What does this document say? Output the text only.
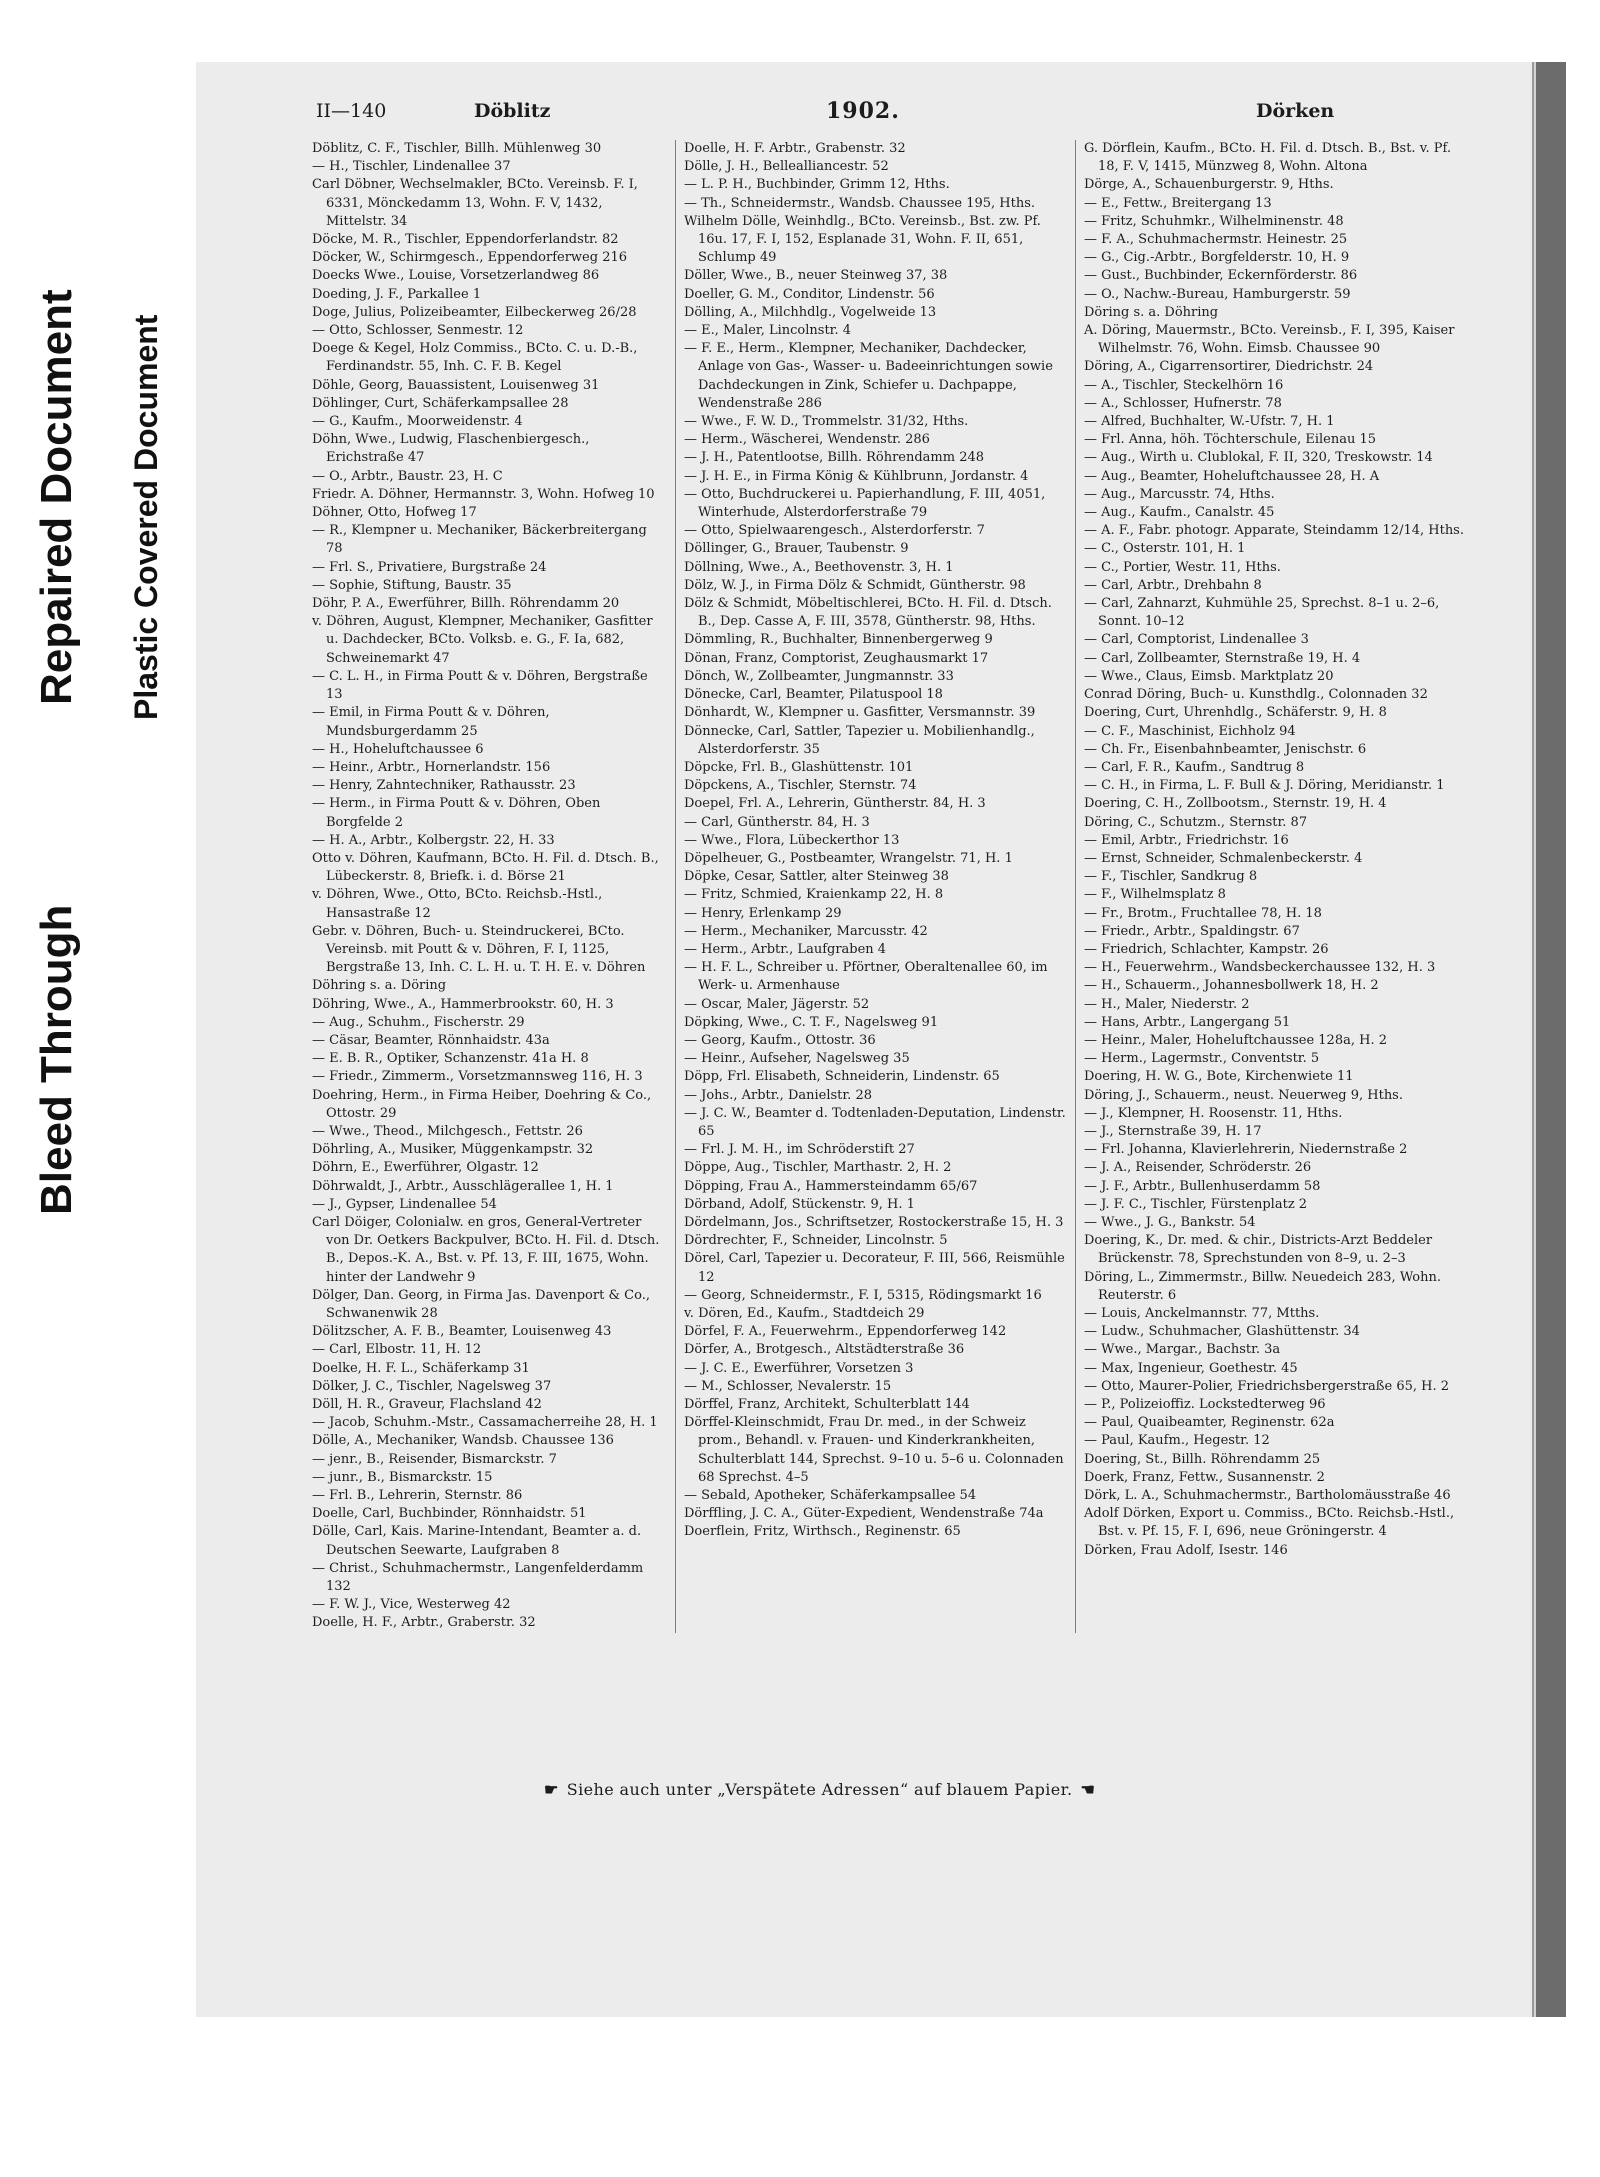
Bleed Through
Repaired Document Plastic Covered Document
II—140	Döblitz	1902.	Dörken

Döblitz, C. F., Tischler, Billh. Mühlenweg 30

— H., Tischler, Lindenallee 37

Carl Döbner, Wechselmakler, BCto. Vereinsb. F. I, 6331, Mönckedamm 13, Wohn. F. V, 1432, Mittelstr. 34

Döcke, M. R., Tischler, Eppendorferlandstr. 82

Döcker, W., Schirmgesch., Eppendorferweg 216

Doecks Wwe., Louise, Vorsetzerlandweg 86

Doeding, J. F., Parkallee 1

Doge, Julius, Polizeibeamter, Eilbeckerweg 26/28

— Otto, Schlosser, Senmestr. 12

Doege & Kegel, Holz Commiss., BCto. C. u. D.-B., Ferdinandstr. 55, Inh. C. F. B. Kegel

Döhle, Georg, Bauassistent, Louisenweg 31

Döhlinger, Curt, Schäferkampsallee 28

— G., Kaufm., Moorweidenstr. 4

Döhn, Wwe., Ludwig, Flaschenbiergesch., Erichstraße 47

— O., Arbtr., Baustr. 23, H. C

Friedr. A. Döhner, Hermannstr. 3, Wohn. Hofweg 10

Döhner, Otto, Hofweg 17

— R., Klempner u. Mechaniker, Bäckerbreitergang 78

— Frl. S., Privatiere, Burgstraße 24

— Sophie, Stiftung, Baustr. 35

Döhr, P. A., Ewerführer, Billh. Röhrendamm 20

v. Döhren, August, Klempner, Mechaniker, Gasfitter u. Dachdecker, BCto. Volksb. e. G., F. Ia, 682, Schweinemarkt 47

— C. L. H., in Firma Poutt & v. Döhren, Bergstraße 13

— Emil, in Firma Poutt & v. Döhren, Mundsburgerdamm 25

— H., Hoheluftchaussee 6

— Heinr., Arbtr., Hornerlandstr. 156

— Henry, Zahntechniker, Rathausstr. 23

— Herm., in Firma Poutt & v. Döhren, Oben Borgfelde 2

— H. A., Arbtr., Kolbergstr. 22, H. 33

Otto v. Döhren, Kaufmann, BCto. H. Fil. d. Dtsch. B., Lübeckerstr. 8, Briefk. i. d. Börse 21

v. Döhren, Wwe., Otto, BCto. Reichsb.-Hstl., Hansastraße 12

Gebr. v. Döhren, Buch- u. Steindruckerei, BCto. Vereinsb. mit Poutt & v. Döhren, F. I, 1125, Bergstraße 13, Inh. C. L. H. u. T. H. E. v. Döhren

Döhring s. a. Döring

Döhring, Wwe., A., Hammerbrookstr. 60, H. 3

— Aug., Schuhm., Fischerstr. 29

— Cäsar, Beamter, Rönnhaidstr. 43a

— E. B. R., Optiker, Schanzenstr. 41a H. 8

— Friedr., Zimmerm., Vorsetzmannsweg 116, H. 3

Doehring, Herm., in Firma Heiber, Doehring & Co., Ottostr. 29

— Wwe., Theod., Milchgesch., Fettstr. 26

Döhrling, A., Musiker, Müggenkampstr. 32

Döhrn, E., Ewerführer, Olgastr. 12

Döhrwaldt, J., Arbtr., Ausschlägerallee 1, H. 1

— J., Gypser, Lindenallee 54

Carl Döiger, Colonialw. en gros, General-Vertreter von Dr. Oetkers Backpulver, BCto. H. Fil. d. Dtsch. B., Depos.-K. A., Bst. v. Pf. 13, F. III, 1675, Wohn. hinter der Landwehr 9

Dölger, Dan. Georg, in Firma Jas. Davenport & Co., Schwanenwik 28

Dölitzscher, A. F. B., Beamter, Louisenweg 43

— Carl, Elbostr. 11, H. 12

Doelke, H. F. L., Schäferkamp 31

Dölker, J. C., Tischler, Nagelsweg 37

Döll, H. R., Graveur, Flachsland 42

— Jacob, Schuhm.-Mstr., Cassamacherreihe 28, H. 1

Dölle, A., Mechaniker, Wandsb. Chaussee 136

— jenr., B., Reisender, Bismarckstr. 7

— junr., B., Bismarckstr. 15

— Frl. B., Lehrerin, Sternstr. 86

Doelle, Carl, Buchbinder, Rönnhaidstr. 51

Dölle, Carl, Kais. Marine-Intendant, Beamter a. d. Deutschen Seewarte, Laufgraben 8

— Christ., Schuhmachermstr., Langenfelderdamm 132

— F. W. J., Vice, Westerweg 42

Doelle, H. F., Arbtr., Graberstr. 32

Doelle, H. F. Arbtr., Grabenstr. 32

Dölle, J. H., Bellealliancestr. 52

— L. P. H., Buchbinder, Grimm 12, Hths.

— Th., Schneidermstr., Wandsb. Chaussee 195, Hths.

Wilhelm Dölle, Weinhdlg., BCto. Vereinsb., Bst. zw. Pf. 16u. 17, F. I, 152, Esplanade 31, Wohn. F. II, 651, Schlump 49

Döller, Wwe., B., neuer Steinweg 37, 38

Doeller, G. M., Conditor, Lindenstr. 56

Dölling, A., Milchhdlg., Vogelweide 13

— E., Maler, Lincolnstr. 4

— F. E., Herm., Klempner, Mechaniker, Dachdecker, Anlage von Gas-, Wasser- u. Badeeinrichtungen sowie Dachdeckungen in Zink, Schiefer u. Dachpappe, Wendenstraße 286

— Wwe., F. W. D., Trommelstr. 31/32, Hths.

— Herm., Wäscherei, Wendenstr. 286

— J. H., Patentlootse, Billh. Röhrendamm 248

— J. H. E., in Firma König & Kühlbrunn, Jordanstr. 4

— Otto, Buchdruckerei u. Papierhandlung, F. III, 4051, Winterhude, Alsterdorferstraße 79

— Otto, Spielwaarengesch., Alsterdorferstr. 7

Döllinger, G., Brauer, Taubenstr. 9

Döllning, Wwe., A., Beethovenstr. 3, H. 1

Dölz, W. J., in Firma Dölz & Schmidt, Güntherstr. 98

Dölz & Schmidt, Möbeltischlerei, BCto. H. Fil. d. Dtsch. B., Dep. Casse A, F. III, 3578, Güntherstr. 98, Hths.

Dömmling, R., Buchhalter, Binnenbergerweg 9

Dönan, Franz, Comptorist, Zeughausmarkt 17

Dönch, W., Zollbeamter, Jungmannstr. 33

Dönecke, Carl, Beamter, Pilatuspool 18

Dönhardt, W., Klempner u. Gasfitter, Versmannstr. 39

Dönnecke, Carl, Sattler, Tapezier u. Mobilienhandlg., Alsterdorferstr. 35

Döpcke, Frl. B., Glashüttenstr. 101

Döpckens, A., Tischler, Sternstr. 74

Doepel, Frl. A., Lehrerin, Güntherstr. 84, H. 3

— Carl, Güntherstr. 84, H. 3

— Wwe., Flora, Lübeckerthor 13

Döpelheuer, G., Postbeamter, Wrangelstr. 71, H. 1

Döpke, Cesar, Sattler, alter Steinweg 38

— Fritz, Schmied, Kraienkamp 22, H. 8

— Henry, Erlenkamp 29

— Herm., Mechaniker, Marcusstr. 42

— Herm., Arbtr., Laufgraben 4

— H. F. L., Schreiber u. Pförtner, Oberaltenallee 60, im Werk- u. Armenhause

— Oscar, Maler, Jägerstr. 52

Döpking, Wwe., C. T. F., Nagelsweg 91

— Georg, Kaufm., Ottostr. 36

— Heinr., Aufseher, Nagelsweg 35

Döpp, Frl. Elisabeth, Schneiderin, Lindenstr. 65

— Johs., Arbtr., Danielstr. 28

— J. C. W., Beamter d. Todtenladen-Deputation, Lindenstr. 65

— Frl. J. M. H., im Schröderstift 27

Döppe, Aug., Tischler, Marthastr. 2, H. 2

Döpping, Frau A., Hammersteindamm 65/67

Dörband, Adolf, Stückenstr. 9, H. 1

Dördelmann, Jos., Schriftsetzer, Rostockerstraße 15, H. 3

Dördrechter, F., Schneider, Lincolnstr. 5

Dörel, Carl, Tapezier u. Decorateur, F. III, 566, Reismühle 12

— Georg, Schneidermstr., F. I, 5315, Rödingsmarkt 16

v. Dören, Ed., Kaufm., Stadtdeich 29

Dörfel, F. A., Feuerwehrm., Eppendorferweg 142

Dörfer, A., Brotgesch., Altstädterstraße 36

— J. C. E., Ewerführer, Vorsetzen 3

— M., Schlosser, Nevalerstr. 15

Dörffel, Franz, Architekt, Schulterblatt 144

Dörffel-Kleinschmidt, Frau Dr. med., in der Schweiz prom., Behandl. v. Frauen- und Kinderkrankheiten, Schulterblatt 144, Sprechst. 9–10 u. 5–6 u. Colonnaden 68 Sprechst. 4–5

— Sebald, Apotheker, Schäferkampsallee 54

Dörffling, J. C. A., Güter-Expedient, Wendenstraße 74a

Doerflein, Fritz, Wirthsch., Reginenstr. 65

G. Dörflein, Kaufm., BCto. H. Fil. d. Dtsch. B., Bst. v. Pf. 18, F. V, 1415, Münzweg 8, Wohn. Altona

Dörge, A., Schauenburgerstr. 9, Hths.

— E., Fettw., Breitergang 13

— Fritz, Schuhmkr., Wilhelminenstr. 48

— F. A., Schuhmachermstr. Heinestr. 25

— G., Cig.-Arbtr., Borgfelderstr. 10, H. 9

— Gust., Buchbinder, Eckernförderstr. 86

— O., Nachw.-Bureau, Hamburgerstr. 59

Döring s. a. Döhring

A. Döring, Mauermstr., BCto. Vereinsb., F. I, 395, Kaiser Wilhelmstr. 76, Wohn. Eimsb. Chaussee 90

Döring, A., Cigarrensortirer, Diedrichstr. 24

— A., Tischler, Steckelhörn 16

— A., Schlosser, Hufnerstr. 78

— Alfred, Buchhalter, W.-Ufstr. 7, H. 1

— Frl. Anna, höh. Töchterschule, Eilenau 15

— Aug., Wirth u. Clublokal, F. II, 320, Treskowstr. 14

— Aug., Beamter, Hoheluftchaussee 28, H. A

— Aug., Marcusstr. 74, Hths.

— Aug., Kaufm., Canalstr. 45

— A. F., Fabr. photogr. Apparate, Steindamm 12/14, Hths.

— C., Osterstr. 101, H. 1

— C., Portier, Westr. 11, Hths.

— Carl, Arbtr., Drehbahn 8

— Carl, Zahnarzt, Kuhmühle 25, Sprechst. 8–1 u. 2–6, Sonnt. 10–12

— Carl, Comptorist, Lindenallee 3

— Carl, Zollbeamter, Sternstraße 19, H. 4

— Wwe., Claus, Eimsb. Marktplatz 20

Conrad Döring, Buch- u. Kunsthdlg., Colonnaden 32

Doering, Curt, Uhrenhdlg., Schäferstr. 9, H. 8

— C. F., Maschinist, Eichholz 94

— Ch. Fr., Eisenbahnbeamter, Jenischstr. 6

— Carl, F. R., Kaufm., Sandtrug 8

— C. H., in Firma, L. F. Bull & J. Döring, Meridianstr. 1

Doering, C. H., Zollbootsm., Sternstr. 19, H. 4

Döring, C., Schutzm., Sternstr. 87

— Emil, Arbtr., Friedrichstr. 16

— Ernst, Schneider, Schmalenbeckerstr. 4

— F., Tischler, Sandkrug 8

— F., Wilhelmsplatz 8

— Fr., Brotm., Fruchtallee 78, H. 18

— Friedr., Arbtr., Spaldingstr. 67

— Friedrich, Schlachter, Kampstr. 26

— H., Feuerwehrm., Wandsbeckerchaussee 132, H. 3

— H., Schauerm., Johannesbollwerk 18, H. 2

— H., Maler, Niederstr. 2

— Hans, Arbtr., Langergang 51

— Heinr., Maler, Hoheluftchaussee 128a, H. 2

— Herm., Lagermstr., Conventstr. 5

Doering, H. W. G., Bote, Kirchenwiete 11

Döring, J., Schauerm., neust. Neuerweg 9, Hths.

— J., Klempner, H. Roosenstr. 11, Hths.

— J., Sternstraße 39, H. 17

— Frl. Johanna, Klavierlehrerin, Niedernstraße 2

— J. A., Reisender, Schröderstr. 26

— J. F., Arbtr., Bullenhuserdamm 58

— J. F. C., Tischler, Fürstenplatz 2

— Wwe., J. G., Bankstr. 54

Doering, K., Dr. med. & chir., Districts-Arzt Beddeler Brückenstr. 78, Sprechstunden von 8–9, u. 2–3

Döring, L., Zimmermstr., Billw. Neuedeich 283, Wohn. Reuterstr. 6

— Louis, Anckelmannstr. 77, Mtths.

— Ludw., Schuhmacher, Glashüttenstr. 34

— Wwe., Margar., Bachstr. 3a

— Max, Ingenieur, Goethestr. 45

— Otto, Maurer-Polier, Friedrichsbergerstraße 65, H. 2

— P., Polizeioffiz. Lockstedterweg 96

— Paul, Quaibeamter, Reginenstr. 62a

— Paul, Kaufm., Hegestr. 12

Doering, St., Billh. Röhrendamm 25

Doerk, Franz, Fettw., Susannenstr. 2

Dörk, L. A., Schuhmachermstr., Bartholomäusstraße 46

Adolf Dörken, Export u. Commiss., BCto. Reichsb.-Hstl., Bst. v. Pf. 15, F. I, 696, neue Gröningerstr. 4

Dörken, Frau Adolf, Isestr. 146

☛ Siehe auch unter „Verspätete Adressen“ auf blauem Papier. ☚
